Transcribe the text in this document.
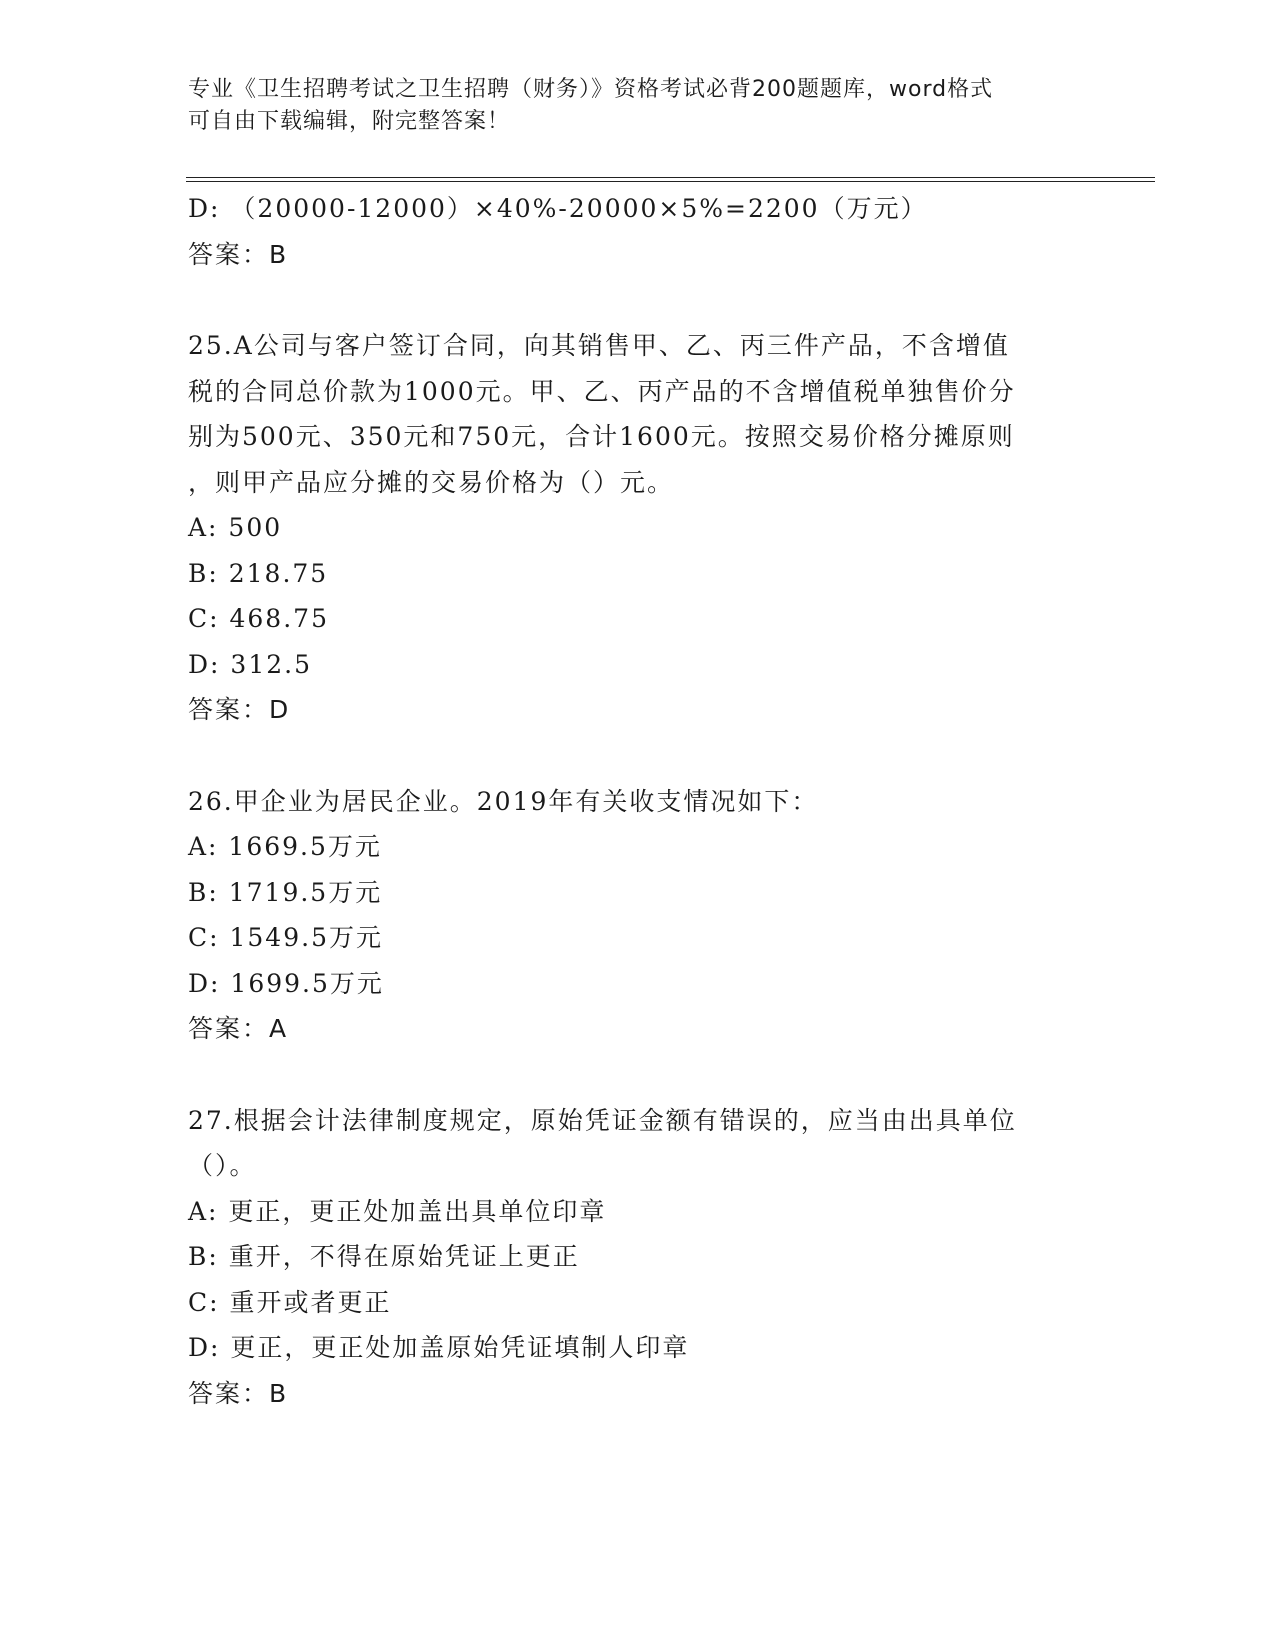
专业《卫生招聘考试之卫生招聘（财务）》资格考试必背200题题库，word格式

可自由下载编辑，附完整答案！

D: （20000-12000）×40%-20000×5%=2200（万元）
答案：B
25.A公司与客户签订合同，向其销售甲、乙、丙三件产品，不含增值
税的合同总价款为1000元。甲、乙、丙产品的不含增值税单独售价分
别为500元、350元和750元，合计1600元。按照交易价格分摊原则
，则甲产品应分摊的交易价格为（）元。
A: 500
B: 218.75
C: 468.75
D: 312.5
答案：D
26.甲企业为居民企业。2019年有关收支情况如下：
A: 1669.5万元
B: 1719.5万元
C: 1549.5万元
D: 1699.5万元
答案：A
27.根据会计法律制度规定，原始凭证金额有错误的，应当由出具单位
（）。
A: 更正，更正处加盖出具单位印章
B: 重开，不得在原始凭证上更正
C: 重开或者更正
D: 更正，更正处加盖原始凭证填制人印章
答案：B
